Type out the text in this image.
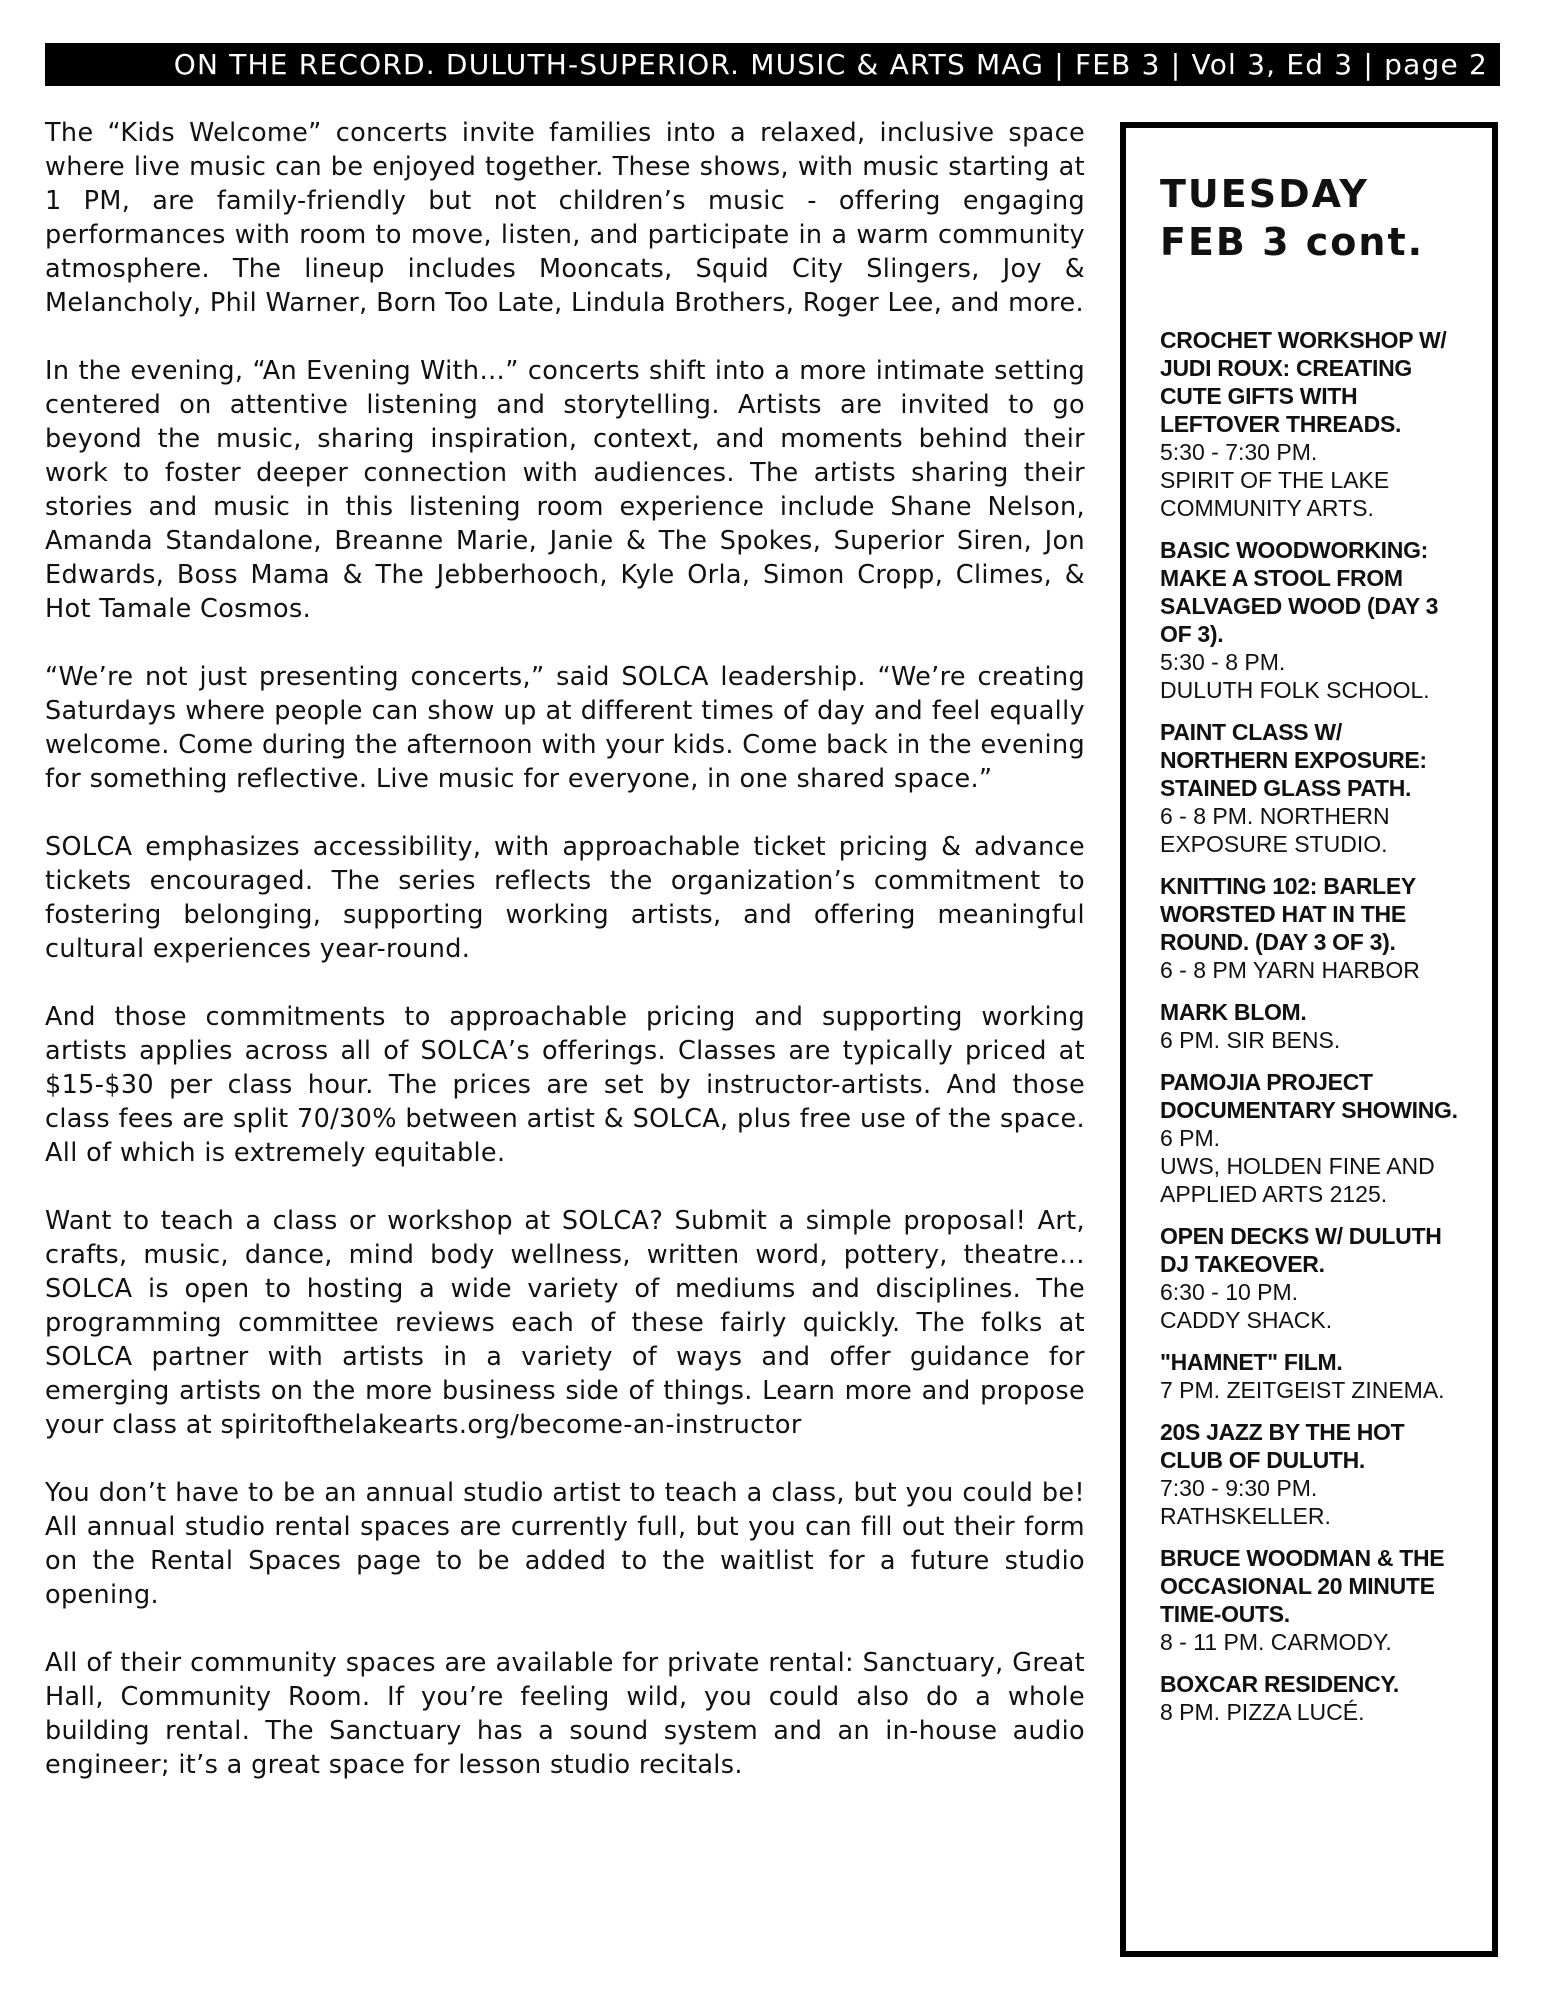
ON THE RECORD. DULUTH-SUPERIOR. MUSIC & ARTS MAG | FEB 3 | Vol 3, Ed 3 | page 2

The “Kids Welcome” concerts invite families into a relaxed, inclusive space where live music can be enjoyed together. These shows, with music starting at 1 PM, are family-friendly but not children’s music - offering engaging performances with room to move, listen, and participate in a warm community atmosphere. The lineup includes Mooncats, Squid City Slingers, Joy & Melancholy, Phil Warner, Born Too Late, Lindula Brothers, Roger Lee, and more.

In the evening, “An Evening With…” concerts shift into a more intimate setting centered on attentive listening and storytelling. Artists are invited to go beyond the music, sharing inspiration, context, and moments behind their work to foster deeper connection with audiences. The artists sharing their stories and music in this listening room experience include Shane Nelson, Amanda Standalone, Breanne Marie, Janie & The Spokes, Superior Siren, Jon Edwards, Boss Mama & The Jebberhooch, Kyle Orla, Simon Cropp, Climes, & Hot Tamale Cosmos.

“We’re not just presenting concerts,” said SOLCA leadership. “We’re creating Saturdays where people can show up at different times of day and feel equally welcome. Come during the afternoon with your kids. Come back in the evening for something reflective. Live music for everyone, in one shared space.”

SOLCA emphasizes accessibility, with approachable ticket pricing & advance tickets encouraged. The series reflects the organization’s commitment to fostering belonging, supporting working artists, and offering meaningful cultural experiences year-round.

And those commitments to approachable pricing and supporting working artists applies across all of SOLCA’s offerings. Classes are typically priced at $15-$30 per class hour. The prices are set by instructor-artists. And those class fees are split 70/30% between artist & SOLCA, plus free use of the space. All of which is extremely equitable.

Want to teach a class or workshop at SOLCA? Submit a simple proposal! Art, crafts, music, dance, mind body wellness, written word, pottery, theatre… SOLCA is open to hosting a wide variety of mediums and disciplines. The programming committee reviews each of these fairly quickly. The folks at SOLCA partner with artists in a variety of ways and offer guidance for emerging artists on the more business side of things. Learn more and propose your class at spiritofthelakearts.org/become-an-instructor

You don’t have to be an annual studio artist to teach a class, but you could be! All annual studio rental spaces are currently full, but you can fill out their form on the Rental Spaces page to be added to the waitlist for a future studio opening.

All of their community spaces are available for private rental: Sanctuary, Great Hall, Community Room. If you’re feeling wild, you could also do a whole building rental. The Sanctuary has a sound system and an in-house audio engineer; it’s a great space for lesson studio recitals.

TUESDAY
FEB 3 cont.
CROCHET WORKSHOP W/ JUDI ROUX: CREATING CUTE GIFTS WITH LEFTOVER THREADS.
5:30 - 7:30 PM.
SPIRIT OF THE LAKE COMMUNITY ARTS.
BASIC WOODWORKING: MAKE A STOOL FROM SALVAGED WOOD (DAY 3 OF 3).
5:30 - 8 PM.
DULUTH FOLK SCHOOL.
PAINT CLASS W/ NORTHERN EXPOSURE: STAINED GLASS PATH.
6 - 8 PM. NORTHERN EXPOSURE STUDIO.
KNITTING 102: BARLEY WORSTED HAT IN THE ROUND. (DAY 3 OF 3).
6 - 8 PM YARN HARBOR
MARK BLOM.
6 PM. SIR BENS.
PAMOJIA PROJECT DOCUMENTARY SHOWING. 6 PM.
UWS, HOLDEN FINE AND APPLIED ARTS 2125.
OPEN DECKS W/ DULUTH DJ TAKEOVER.
6:30 - 10 PM.
CADDY SHACK.
"HAMNET" FILM.
7 PM. ZEITGEIST ZINEMA.
20S JAZZ BY THE HOT CLUB OF DULUTH.
7:30 - 9:30 PM.
RATHSKELLER.
BRUCE WOODMAN & THE OCCASIONAL 20 MINUTE TIME-OUTS.
8 - 11 PM. CARMODY.
BOXCAR RESIDENCY.
8 PM. PIZZA LUCÉ.
